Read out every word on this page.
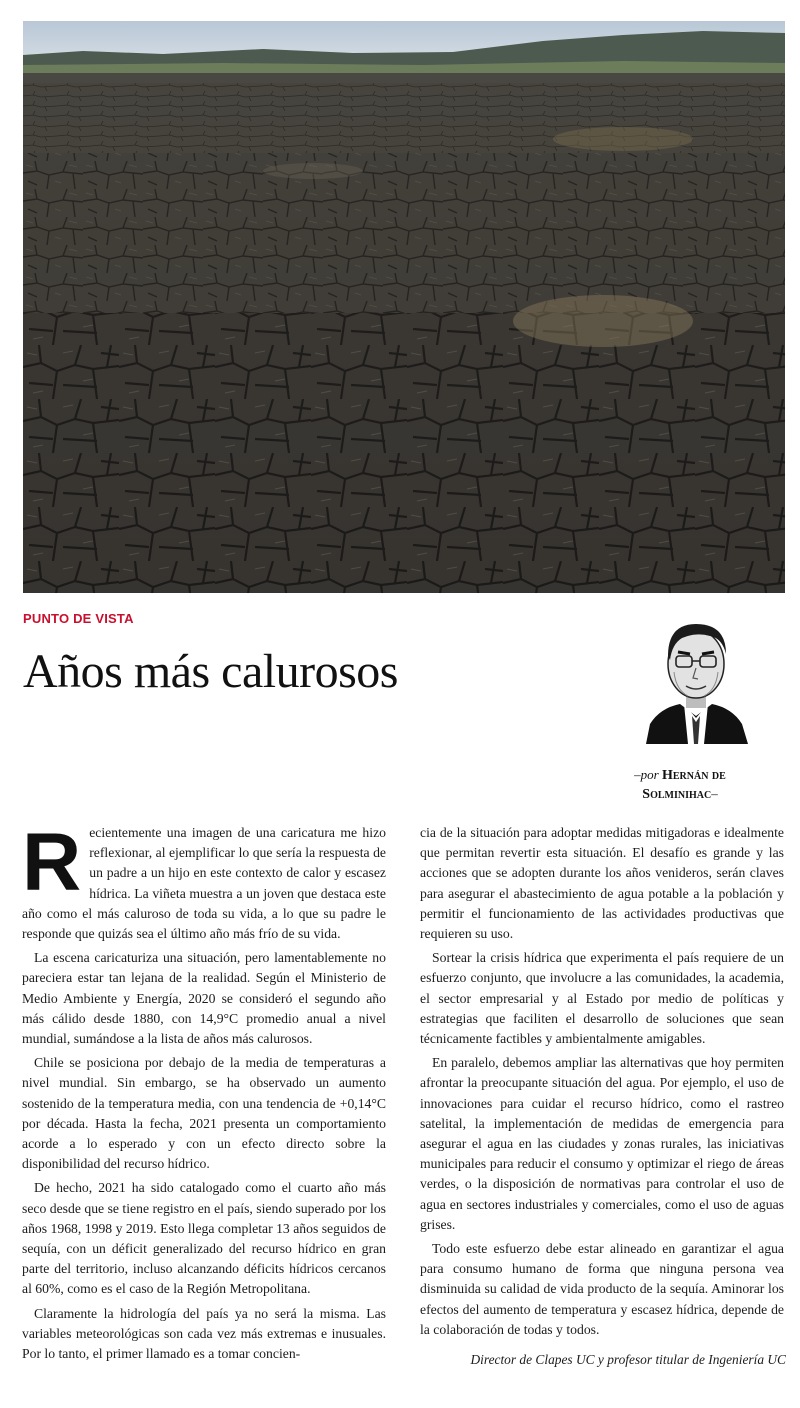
PUNTO DE VISTA
Años más calurosos
–por Hernán de Solminihac–

Recientemente una imagen de una caricatura me hizo reflexionar, al ejemplificar lo que sería la respuesta de un padre a un hijo en este contexto de calor y escasez hídrica. La viñeta muestra a un joven que destaca este año como el más caluroso de toda su vida, a lo que su padre le responde que quizás sea el último año más frío de su vida.

La escena caricaturiza una situación, pero lamentablemente no pareciera estar tan lejana de la realidad. Según el Ministerio de Medio Ambiente y Energía, 2020 se consideró el segundo año más cálido desde 1880, con 14,9°C promedio anual a nivel mundial, sumándose a la lista de años más calurosos.

Chile se posiciona por debajo de la media de temperaturas a nivel mundial. Sin embargo, se ha observado un aumento sostenido de la temperatura media, con una tendencia de +0,14°C por década. Hasta la fecha, 2021 presenta un comportamiento acorde a lo esperado y con un efecto directo sobre la disponibilidad del recurso hídrico.

De hecho, 2021 ha sido catalogado como el cuarto año más seco desde que se tiene registro en el país, siendo superado por los años 1968, 1998 y 2019. Esto llega completar 13 años seguidos de sequía, con un déficit generalizado del recurso hídrico en gran parte del territorio, incluso alcanzando déficits hídricos cercanos al 60%, como es el caso de la Región Metropolitana.

Claramente la hidrología del país ya no será la misma. Las variables meteorológicas son cada vez más extremas e inusuales. Por lo tanto, el primer llamado es a tomar concien-

cia de la situación para adoptar medidas mitigadoras e idealmente que permitan revertir esta situación. El desafío es grande y las acciones que se adopten durante los años venideros, serán claves para asegurar el abastecimiento de agua potable a la población y permitir el funcionamiento de las actividades productivas que requieren su uso.

Sortear la crisis hídrica que experimenta el país requiere de un esfuerzo conjunto, que involucre a las comunidades, la academia, el sector empresarial y al Estado por medio de políticas y estrategias que faciliten el desarrollo de soluciones que sean técnicamente factibles y ambientalmente amigables.

En paralelo, debemos ampliar las alternativas que hoy permiten afrontar la preocupante situación del agua. Por ejemplo, el uso de innovaciones para cuidar el recurso hídrico, como el rastreo satelital, la implementación de medidas de emergencia para asegurar el agua en las ciudades y zonas rurales, las iniciativas municipales para reducir el consumo y optimizar el riego de áreas verdes, o la disposición de normativas para controlar el uso de agua en sectores industriales y comerciales, como el uso de aguas grises.

Todo este esfuerzo debe estar alineado en garantizar el agua para consumo humano de forma que ninguna persona vea disminuida su calidad de vida producto de la sequía. Aminorar los efectos del aumento de temperatura y escasez hídrica, depende de la colaboración de todas y todos.

Director de Clapes UC y profesor titular de Ingeniería UC
